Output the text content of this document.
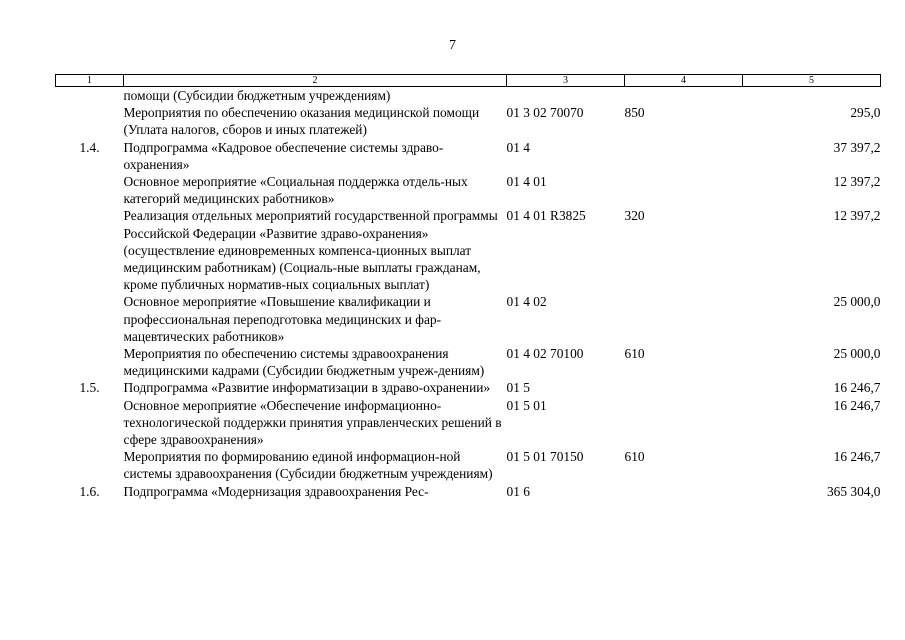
7
1	2	3	4	5
	помощи (Субсидии бюджетным учреждениям)			
	Мероприятия по обеспечению оказания медицинской помощи (Уплата налогов, сборов и иных платежей)	01 3 02 70070	850	295,0
1.4.	Подпрограмма «Кадровое обеспечение системы здраво-охранения»	01 4		37 397,2
	Основное мероприятие «Социальная поддержка отдель-ных категорий медицинских работников»	01 4 01		12 397,2
	Реализация отдельных мероприятий государственной программы Российской Федерации «Развитие здраво-охранения» (осуществление единовременных компенса-ционных выплат медицинским работникам) (Социаль-ные выплаты гражданам, кроме публичных норматив-ных социальных выплат)	01 4 01 R3825	320	12 397,2
	Основное мероприятие «Повышение квалификации и профессиональная переподготовка медицинских и фар-мацевтических работников»	01 4 02		25 000,0
	Мероприятия по обеспечению системы здравоохранения медицинскими кадрами (Субсидии бюджетным учреж-дениям)	01 4 02 70100	610	25 000,0
1.5.	Подпрограмма «Развитие информатизации в здраво-охранении»	01 5		16 246,7
	Основное мероприятие «Обеспечение информационно-технологической поддержки принятия управленческих решений в сфере здравоохранения»	01 5 01		16 246,7
	Мероприятия по формированию единой информацион-ной системы здравоохранения (Субсидии бюджетным учреждениям)	01 5 01 70150	610	16 246,7
1.6.	Подпрограмма «Модернизация здравоохранения Рес-	01 6		365 304,0
